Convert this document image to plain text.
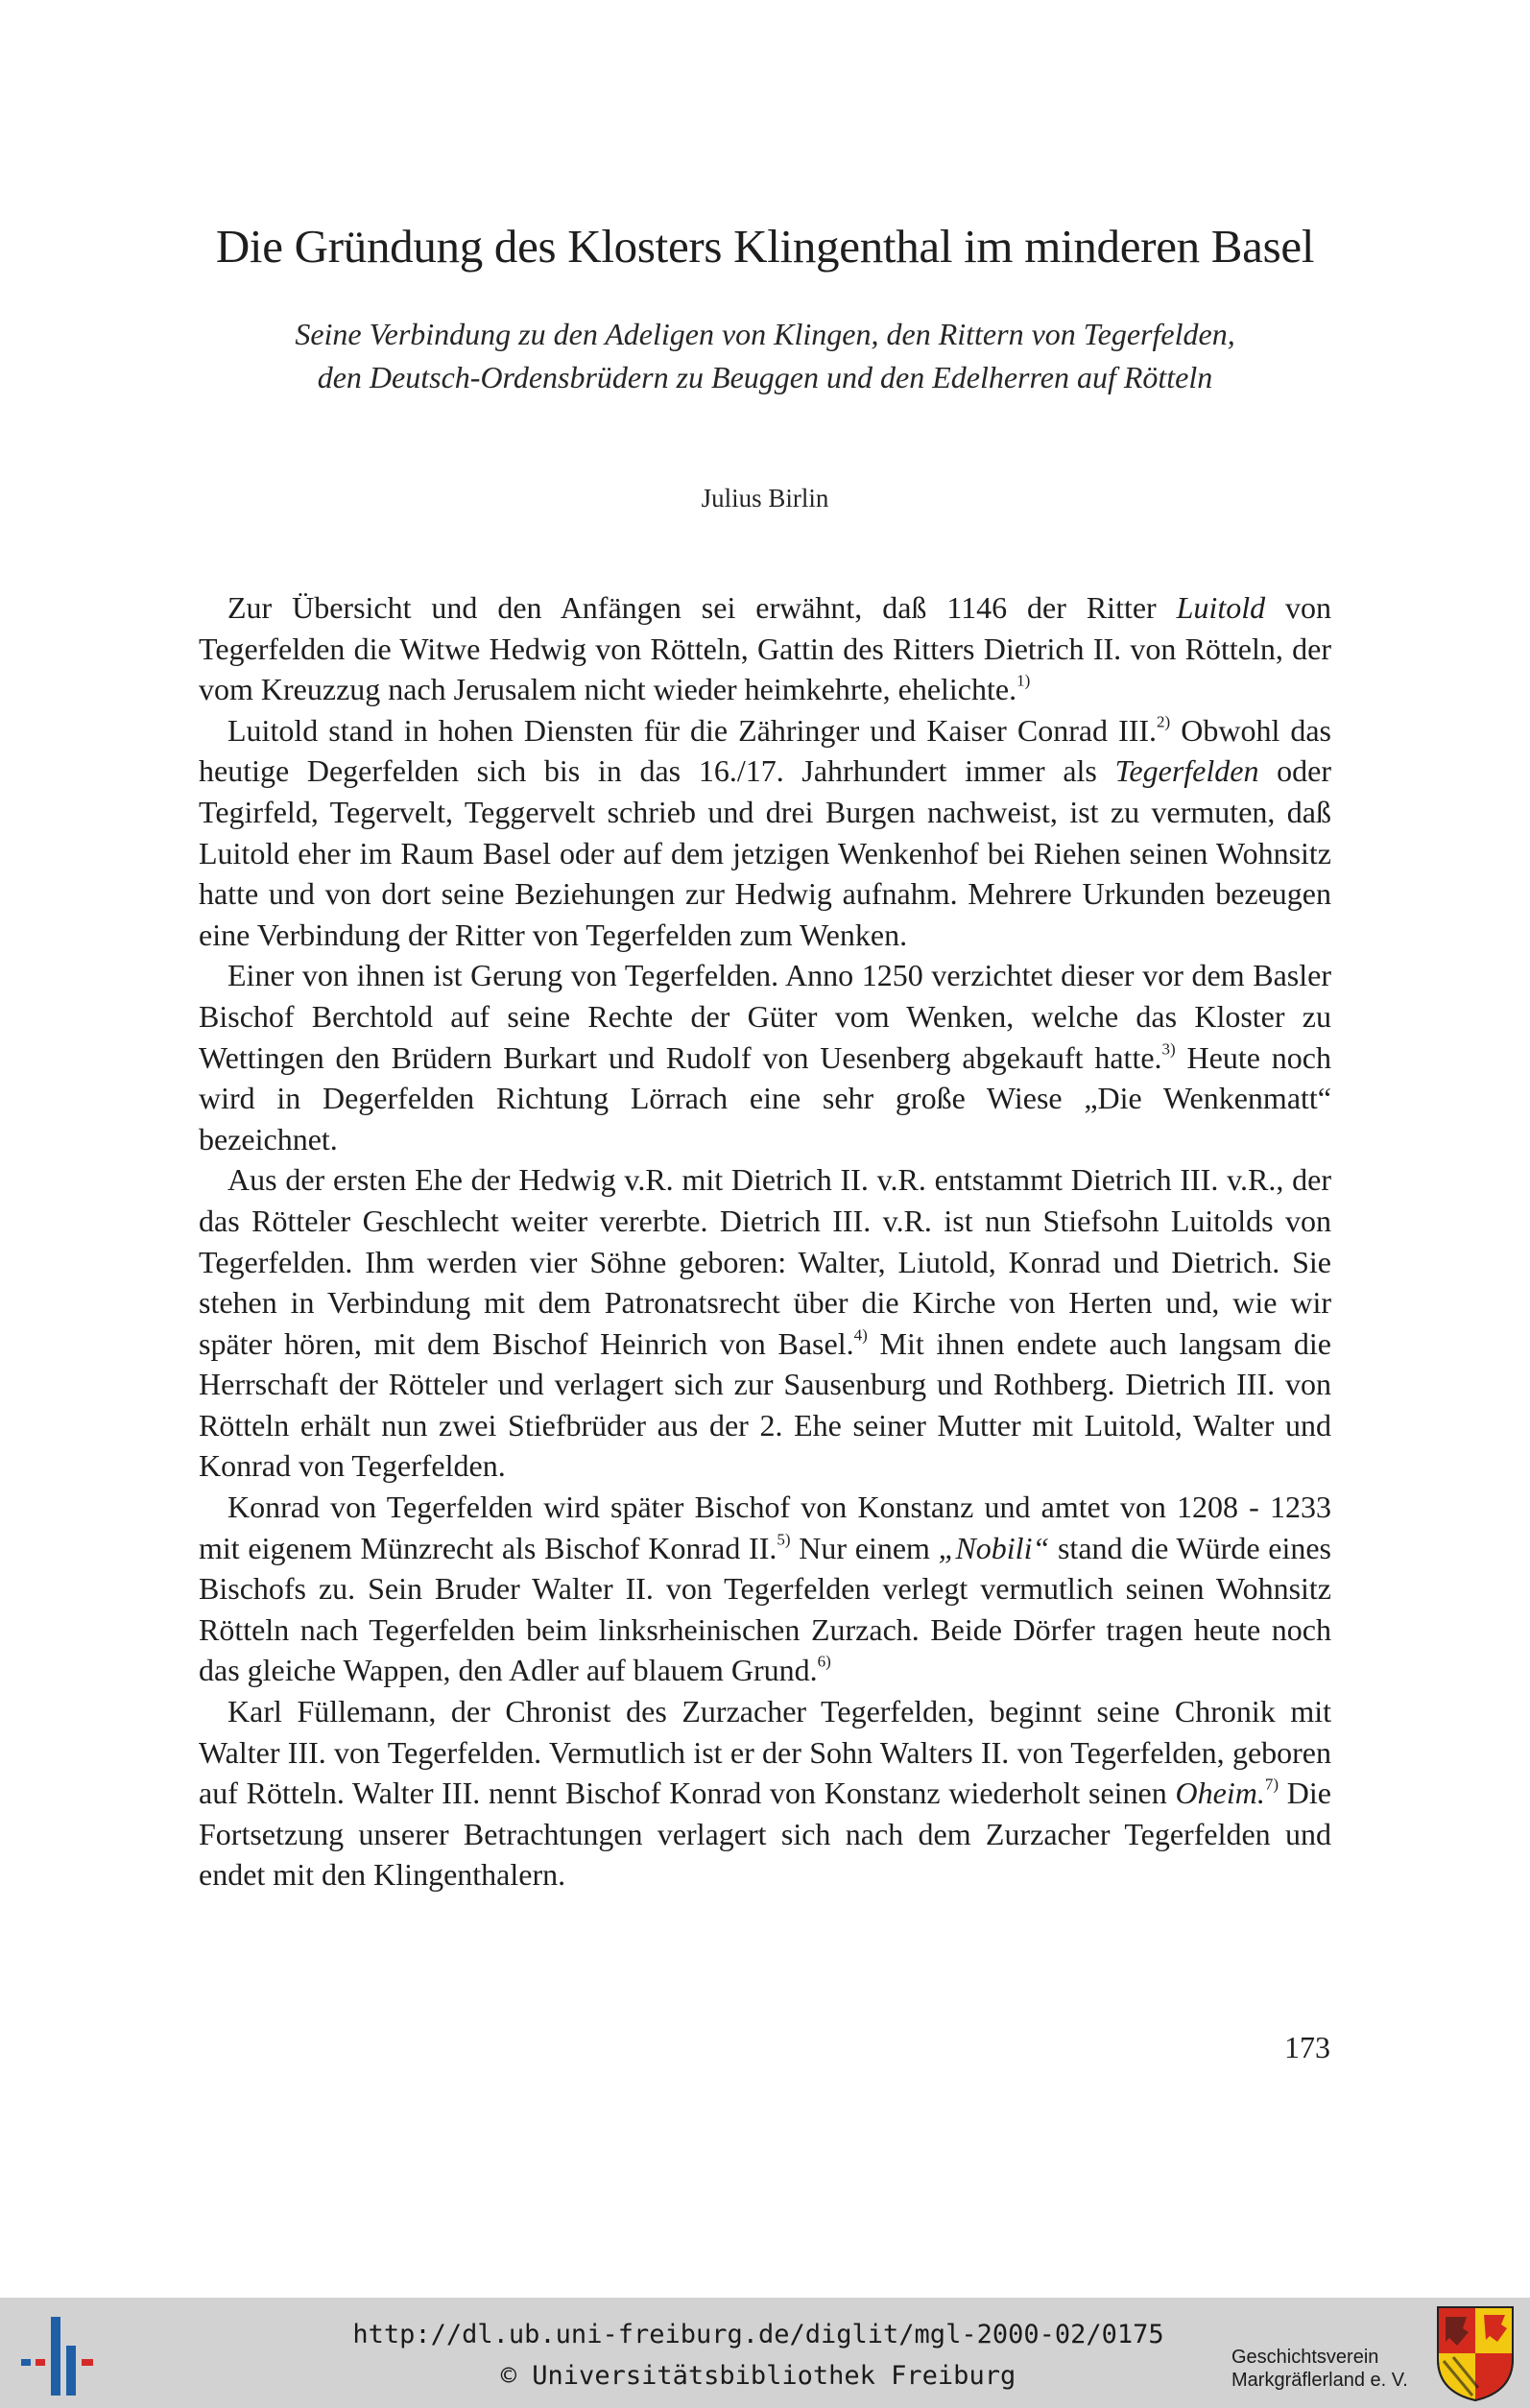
Die Gründung des Klosters Klingenthal im minderen Basel
Seine Verbindung zu den Adeligen von Klingen, den Rittern von Tegerfelden,
den Deutsch-Ordensbrüdern zu Beuggen und den Edelherren auf Rötteln
Julius Birlin

Zur Übersicht und den Anfängen sei erwähnt, daß 1146 der Ritter Luitold von Tegerfelden die Witwe Hedwig von Rötteln, Gattin des Ritters Dietrich II. von Rötteln, der vom Kreuzzug nach Jerusalem nicht wieder heimkehrte, ehelichte.$^{1)}$

Luitold stand in hohen Diensten für die Zähringer und Kaiser Conrad III.$^{2)}$ Obwohl das heutige Degerfelden sich bis in das 16./17. Jahrhundert immer als Tegerfelden oder Tegirfeld, Tegervelt, Teggervelt schrieb und drei Burgen nachweist, ist zu vermuten, daß Luitold eher im Raum Basel oder auf dem jetzigen Wenkenhof bei Riehen seinen Wohnsitz hatte und von dort seine Beziehungen zur Hedwig aufnahm. Mehrere Urkunden bezeugen eine Verbindung der Ritter von Tegerfelden zum Wenken.

Einer von ihnen ist Gerung von Tegerfelden. Anno 1250 verzichtet dieser vor dem Basler Bischof Berchtold auf seine Rechte der Güter vom Wenken, welche das Kloster zu Wettingen den Brüdern Burkart und Rudolf von Uesenberg abgekauft hatte.$^{3)}$ Heute noch wird in Degerfelden Richtung Lörrach eine sehr große Wiese „Die Wenkenmatt“ bezeichnet.

Aus der ersten Ehe der Hedwig v.R. mit Dietrich II. v.R. entstammt Dietrich III. v.R., der das Rötteler Geschlecht weiter vererbte. Dietrich III. v.R. ist nun Stiefsohn Luitolds von Tegerfelden. Ihm werden vier Söhne geboren: Walter, Liutold, Konrad und Dietrich. Sie stehen in Verbindung mit dem Patronatsrecht über die Kirche von Herten und, wie wir später hören, mit dem Bischof Heinrich von Basel.$^{4)}$ Mit ihnen endete auch langsam die Herrschaft der Rötteler und verlagert sich zur Sausenburg und Rothberg. Dietrich III. von Rötteln erhält nun zwei Stiefbrüder aus der 2. Ehe seiner Mutter mit Luitold, Walter und Konrad von Tegerfelden.

Konrad von Tegerfelden wird später Bischof von Konstanz und amtet von 1208 - 1233 mit eigenem Münzrecht als Bischof Konrad II.$^{5)}$ Nur einem „Nobili“ stand die Würde eines Bischofs zu. Sein Bruder Walter II. von Tegerfelden verlegt vermutlich seinen Wohnsitz Rötteln nach Tegerfelden beim linksrheinischen Zurzach. Beide Dörfer tragen heute noch das gleiche Wappen, den Adler auf blauem Grund.$^{6)}$

Karl Füllemann, der Chronist des Zurzacher Tegerfelden, beginnt seine Chronik mit Walter III. von Tegerfelden. Vermutlich ist er der Sohn Walters II. von Tegerfelden, geboren auf Rötteln. Walter III. nennt Bischof Konrad von Konstanz wiederholt seinen Oheim.$^{7)}$ Die Fortsetzung unserer Betrachtungen verlagert sich nach dem Zurzacher Tegerfelden und endet mit den Klingenthalern.

173
http://dl.ub.uni-freiburg.de/diglit/mgl-2000-02/0175
© Universitätsbibliothek Freiburg
Geschichtsverein
Markgräflerland e. V.
